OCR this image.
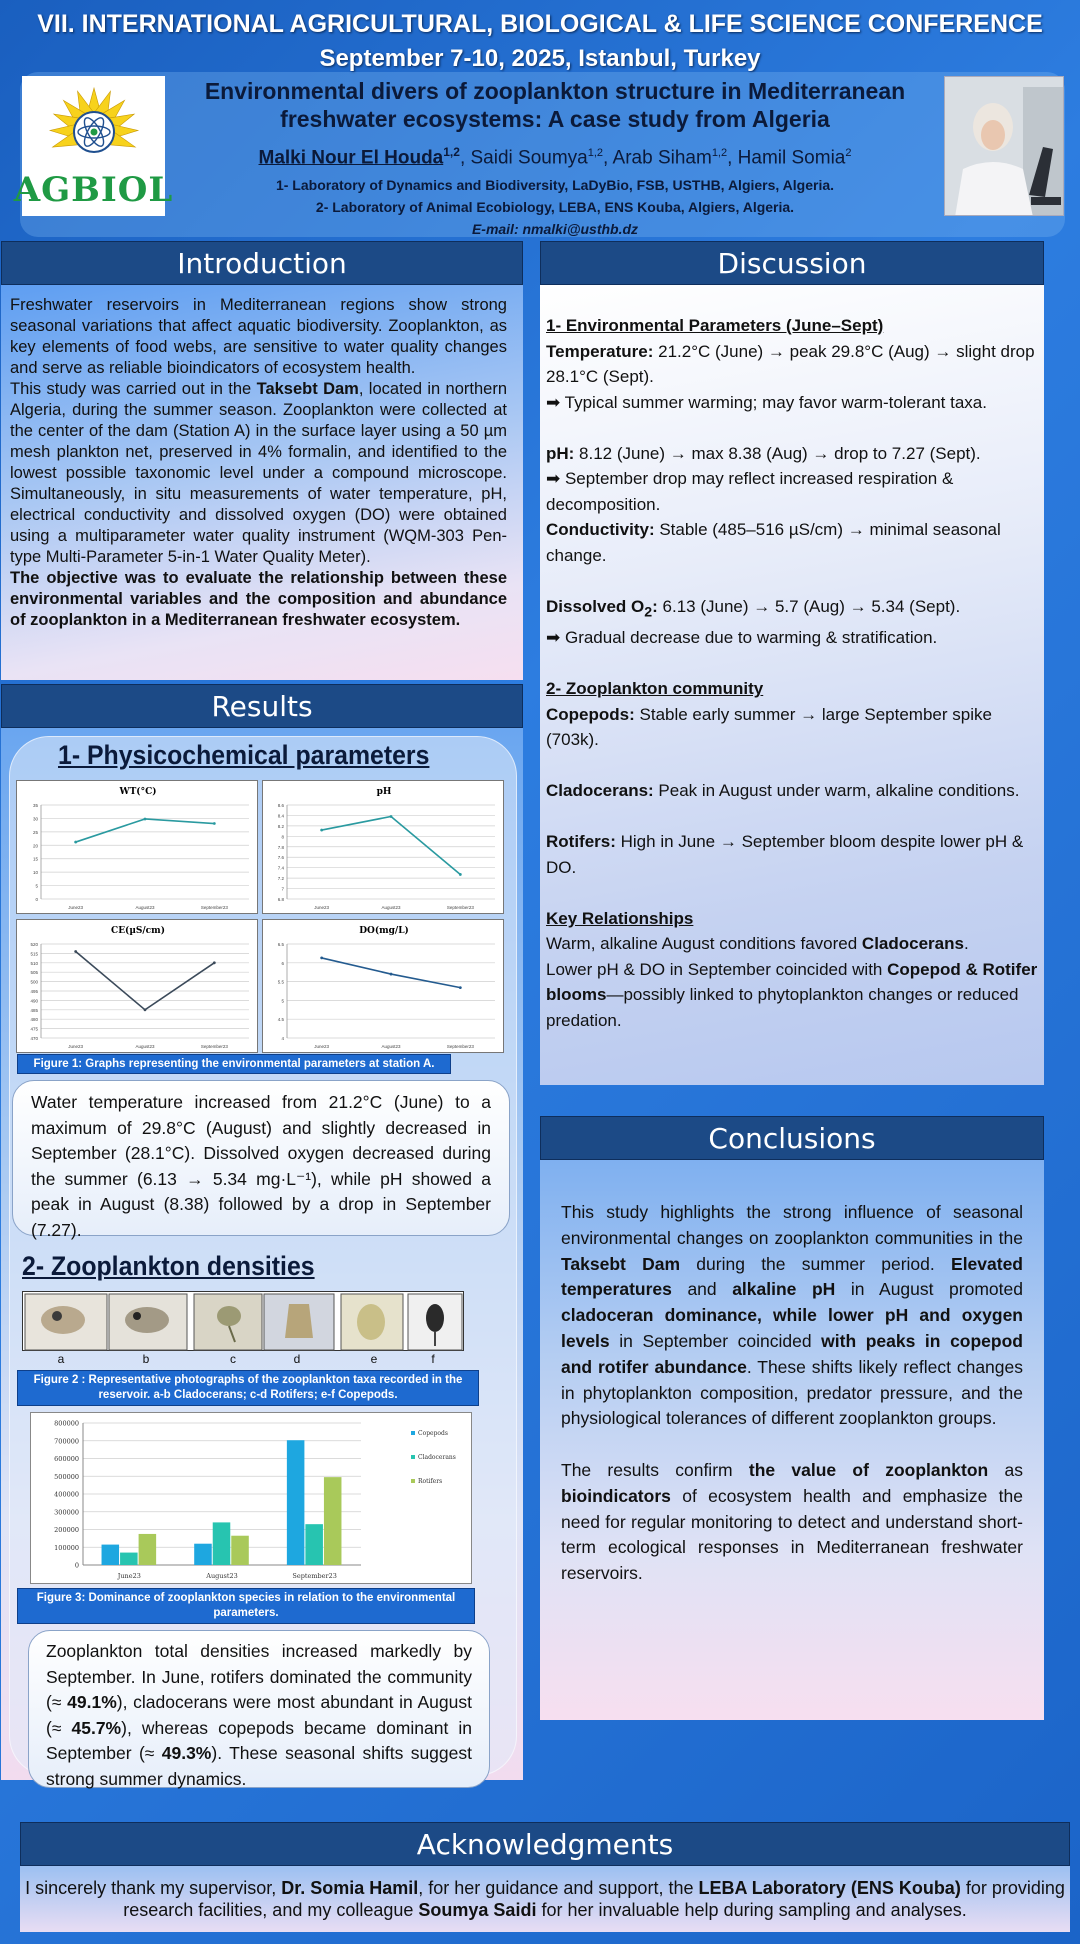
VII. INTERNATIONAL AGRICULTURAL, BIOLOGICAL & LIFE SCIENCE CONFERENCE
September 7-10, 2025, Istanbul, Turkey
AGBIOL
Environmental divers of zooplankton structure in Mediterranean
freshwater ecosystems: A case study from Algeria
Malki Nour El Houda$^{1,2}$, Saidi Soumya$^{1,2}$, Arab Siham$^{1,2}$, Hamil Somia$^2$
1- Laboratory of Dynamics and Biodiversity, LaDyBio, FSB, USTHB, Algiers, Algeria.
2- Laboratory of Animal Ecobiology, LEBA, ENS Kouba, Algiers, Algeria.
E-mail: nmalki@usthb.dz
Introduction

Freshwater reservoirs in Mediterranean regions show strong seasonal variations that affect aquatic biodiversity. Zooplankton, as key elements of food webs, are sensitive to water quality changes and serve as reliable bioindicators of ecosystem health.

This study was carried out in the Taksebt Dam, located in northern Algeria, during the summer season. Zooplankton were collected at the center of the dam (Station A) in the surface layer using a 50 µm mesh plankton net, preserved in 4% formalin, and identified to the lowest possible taxonomic level under a compound microscope. Simultaneously, in situ measurements of water temperature, pH, electrical conductivity and dissolved oxygen (DO) were obtained using a multiparameter water quality instrument (WQM-303 Pen-type Multi-Parameter 5-in-1 Water Quality Meter).

The objective was to evaluate the relationship between these environmental variables and the composition and abundance of zooplankton in a Mediterranean freshwater ecosystem.

Results
1- Physicochemical parameters
WT(°C)
0
5
10
15
20
25
30
35
June23	August23	September23
pH
6.8
7
7.2
7.4
7.6
7.8
8
8.2
8.4
8.6
June23	August23	September23
CE(µS/cm)
470
475
480
485
490
495
500
505
510
515
520
June23	August23	September23
DO(mg/L)
4
4.5
5
5.5
6
6.5
June23	August23	September23
Figure 1: Graphs representing the environmental parameters at station A.
Water temperature increased from 21.2°C (June) to a maximum of 29.8°C (August) and slightly decreased in September (28.1°C). Dissolved oxygen decreased during the summer (6.13 → 5.34 mg·L⁻¹), while pH showed a peak in August (8.38) followed by a drop in September (7.27).
2- Zooplankton densities
a	b	c	d	e	f
Figure 2 : Representative photographs of the zooplankton taxa recorded in the
reservoir. a-b Cladocerans; c-d Rotifers; e-f Copepods.
0
100000
200000
300000
400000
500000
600000
700000
800000
June23	August23	September23
Copepods
Cladocerans
Rotifers
Figure 3: Dominance of zooplankton species in relation to the environmental
parameters.
Zooplankton total densities increased markedly by September. In June, rotifers dominated the community (≈ 49.1%), cladocerans were most abundant in August (≈ 45.7%), whereas copepods became dominant in September (≈ 49.3%). These seasonal shifts suggest strong summer dynamics.
Discussion

1- Environmental Parameters (June–Sept)

Temperature: 21.2°C (June) → peak 29.8°C (Aug) → slight drop 28.1°C (Sept).

➡ Typical summer warming; may favor warm-tolerant taxa.

pH: 8.12 (June) → max 8.38 (Aug) → drop to 7.27 (Sept).

➡ September drop may reflect increased respiration & decomposition.

Conductivity: Stable (485–516 µS/cm) → minimal seasonal change.

Dissolved $O_2$: 6.13 (June) → 5.7 (Aug) → 5.34 (Sept).

➡ Gradual decrease due to warming & stratification.

2- Zooplankton community

Copepods: Stable early summer → large September spike (703k).

Cladocerans: Peak in August under warm, alkaline conditions.

Rotifers: High in June → September bloom despite lower pH & DO.

Key Relationships

Warm, alkaline August conditions favored Cladocerans.

Lower pH & DO in September coincided with Copepod & Rotifer blooms—possibly linked to phytoplankton changes or reduced predation.

Conclusions

This study highlights the strong influence of seasonal environmental changes on zooplankton communities in the Taksebt Dam during the summer period. Elevated temperatures and alkaline pH in August promoted cladoceran dominance, while lower pH and oxygen levels in September coincided with peaks in copepod and rotifer abundance. These shifts likely reflect changes in phytoplankton composition, predator pressure, and the physiological tolerances of different zooplankton groups.

The results confirm the value of zooplankton as bioindicators of ecosystem health and emphasize the need for regular monitoring to detect and understand short-term ecological responses in Mediterranean freshwater reservoirs.

Acknowledgments
I sincerely thank my supervisor, Dr. Somia Hamil, for her guidance and support, the LEBA Laboratory (ENS Kouba) for providing research facilities, and my colleague Soumya Saidi for her invaluable help during sampling and analyses.
